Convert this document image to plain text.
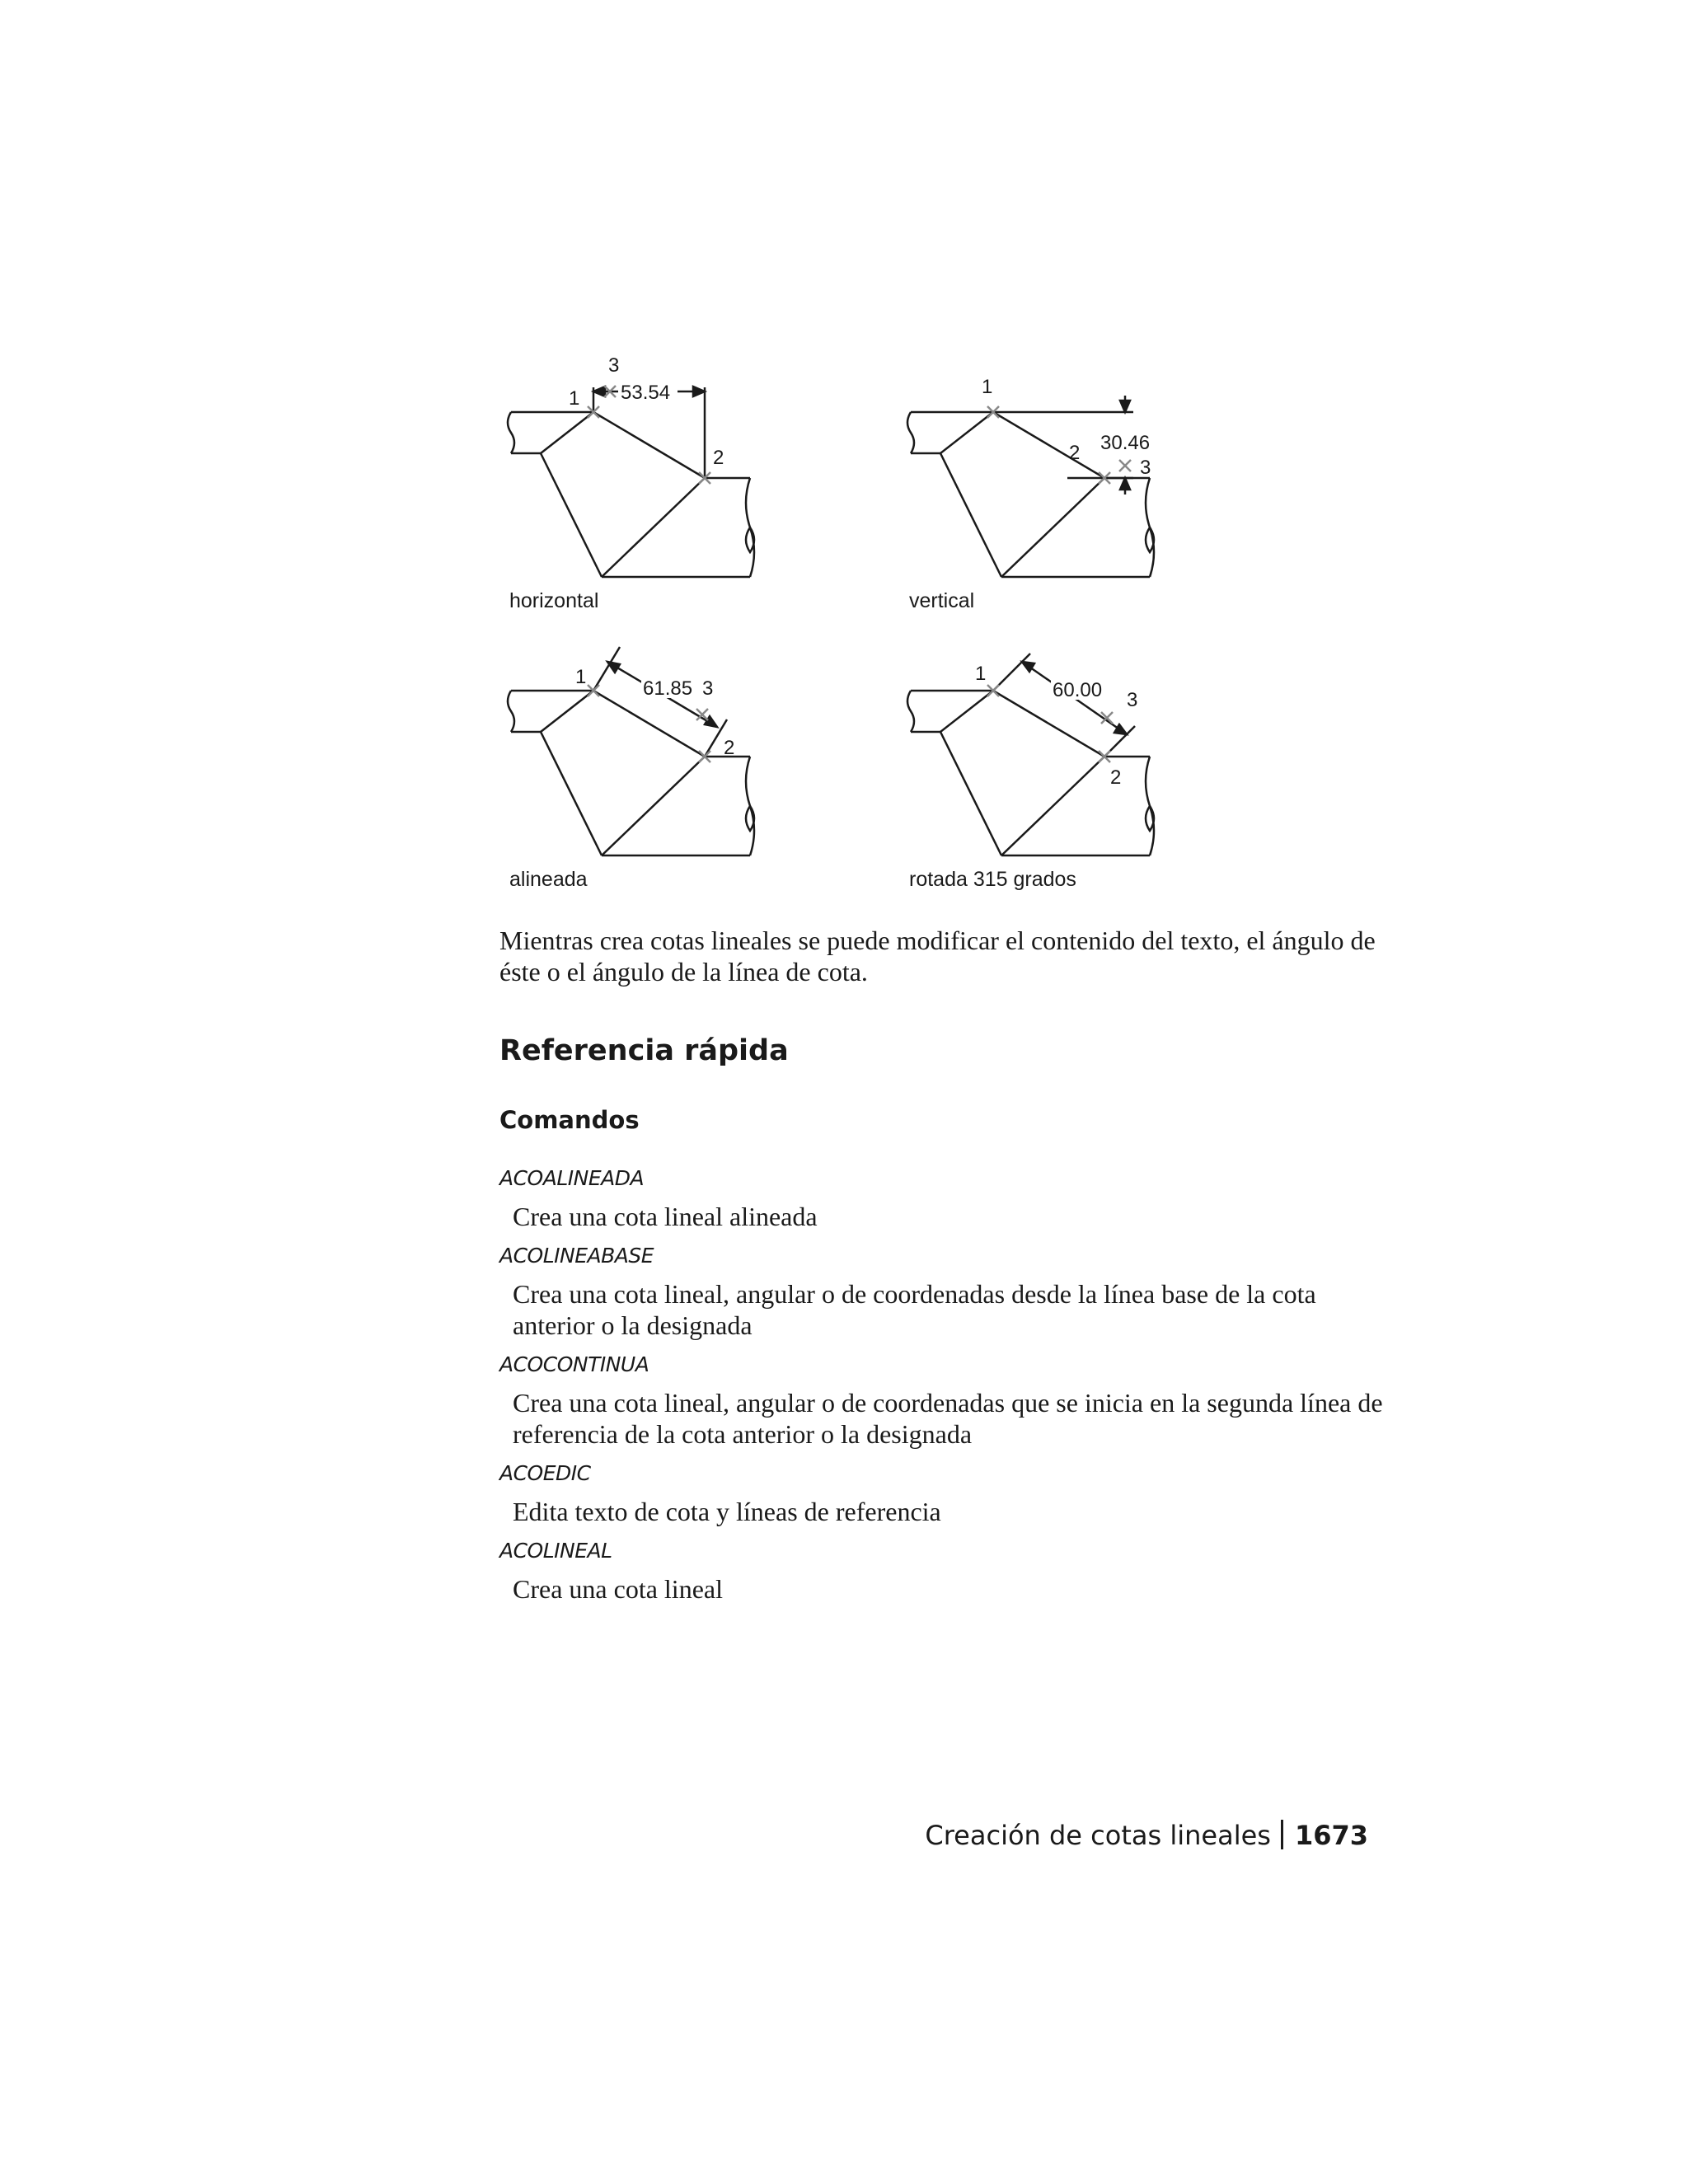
53.54
1
2
3
horizontal
30.46
1
2
3
vertical
61.85
1
2
3
alineada
60.00
1
2
3
rotada 315 grados

Mientras crea cotas lineales se puede modificar el contenido del texto, el ángulo de éste o el ángulo de la línea de cota.

Referencia rápida
Comandos

ACOALINEADA

Crea una cota lineal alineada

ACOLINEABASE

Crea una cota lineal, angular o de coordenadas desde la línea base de la cota anterior o la designada

ACOCONTINUA

Crea una cota lineal, angular o de coordenadas que se inicia en la segunda línea de referencia de la cota anterior o la designada

ACOEDIC

Edita texto de cota y líneas de referencia

ACOLINEAL

Crea una cota lineal

Creación de cotas lineales 1673
